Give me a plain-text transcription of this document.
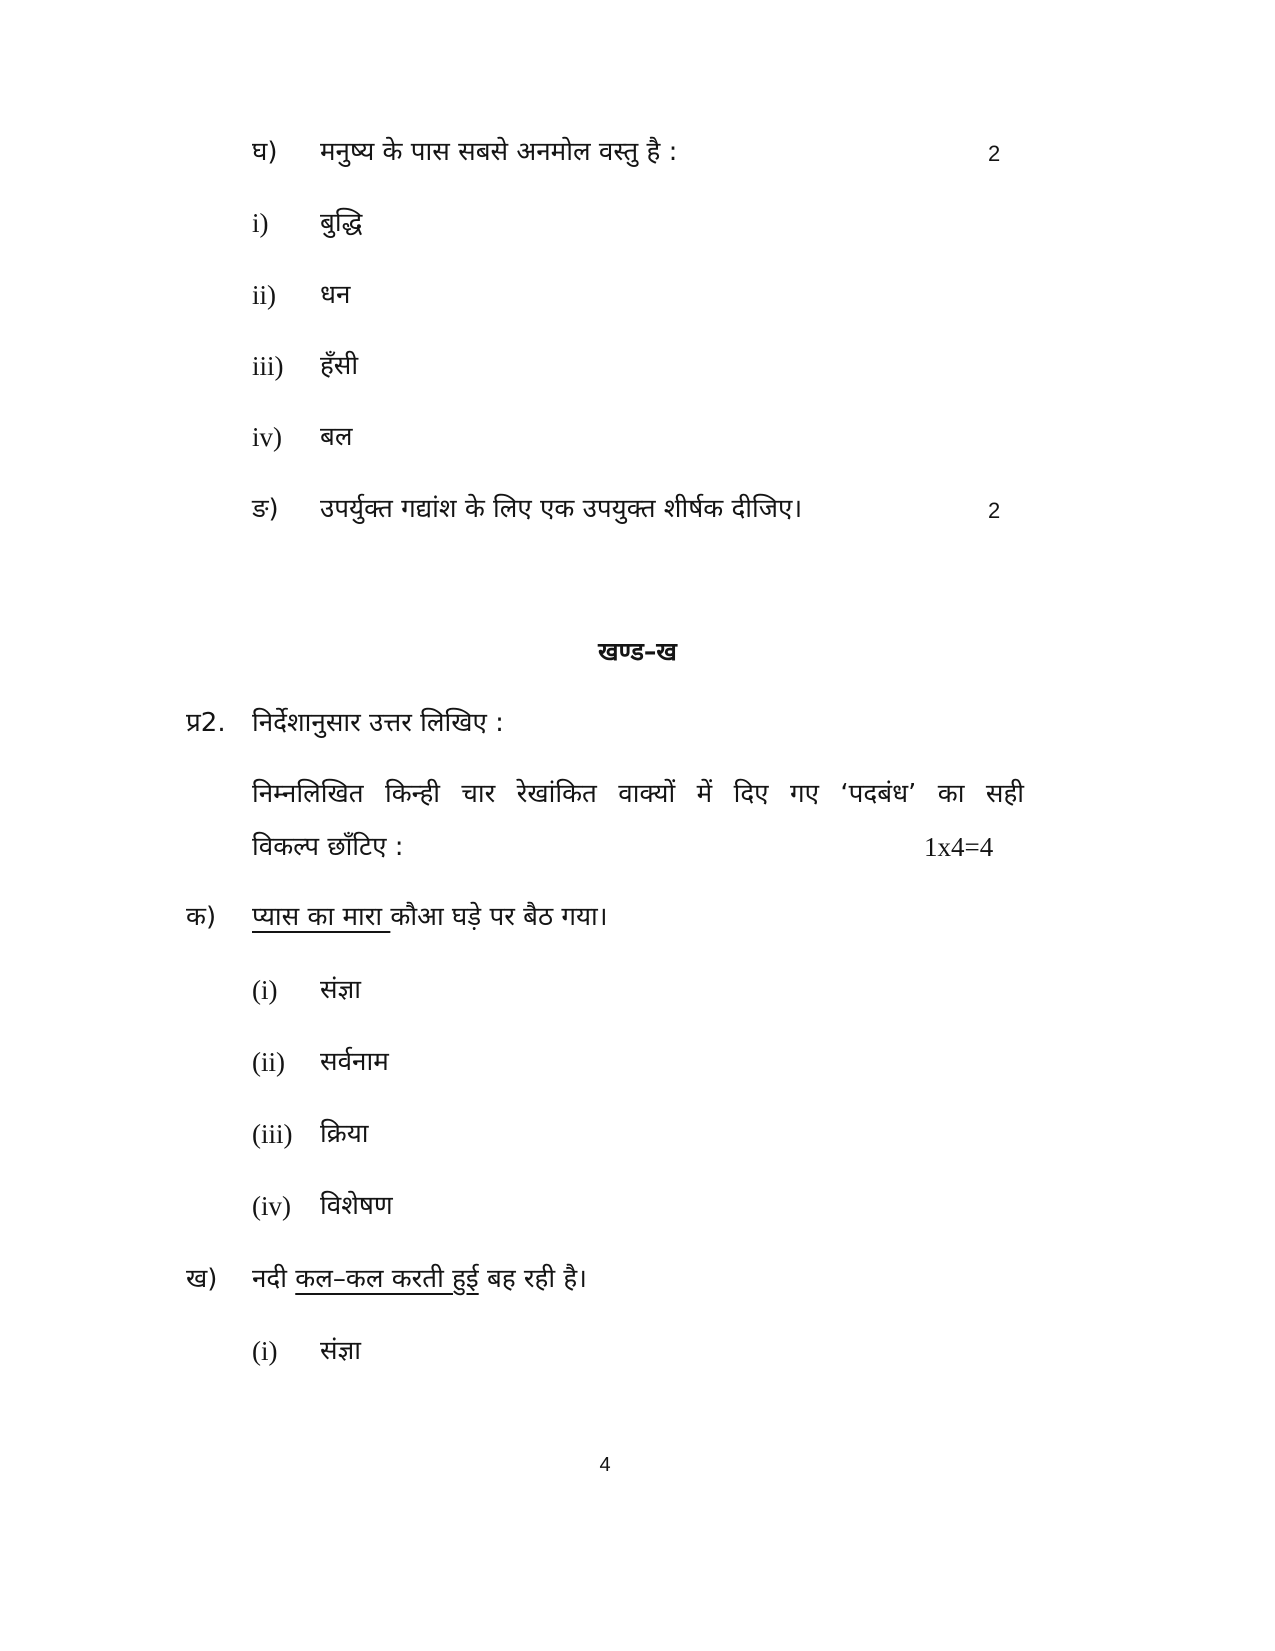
घ) मनुष्य के पास सबसे अनमोल वस्तु है :	2
i) बुद्धि
ii) धन
iii) हँसी
iv) बल
ङ) उपर्युक्त गद्यांश के लिए एक उपयुक्त शीर्षक दीजिए।	2
खण्ड–ख
प्र2. निर्देशानुसार उत्तर लिखिए :
निम्नलिखित किन्ही चार रेखांकित वाक्यों में दिए गए ‘पदबंध’ का सही
विकल्प छाँटिए :	1x4=4
क) प्यास का मारा कौआ घड़े पर बैठ गया।
(i) संज्ञा
(ii) सर्वनाम
(iii) क्रिया
(iv) विशेषण
ख) नदी कल–कल करती हुई बह रही है।
(i) संज्ञा
4
